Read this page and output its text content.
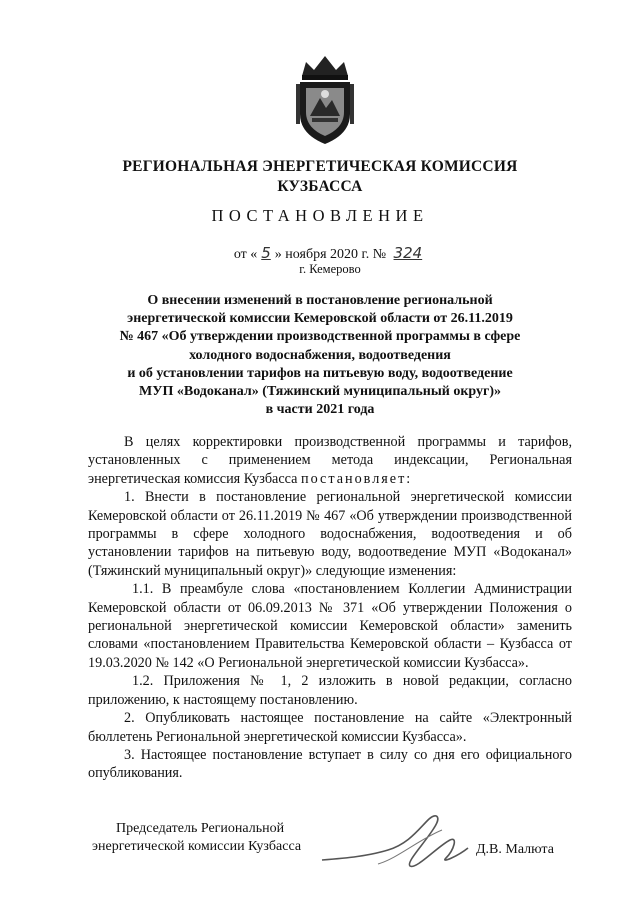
РЕГИОНАЛЬНАЯ ЭНЕРГЕТИЧЕСКАЯ КОМИССИЯ
КУЗБАССА
ПОСТАНОВЛЕНИЕ
от « 5 » ноября 2020 г. № 324
г. Кемерово
О внесении изменений в постановление региональной
энергетической комиссии Кемеровской области от 26.11.2019
№ 467 «Об утверждении производственной программы в сфере
холодного водоснабжения, водоотведения
и об установлении тарифов на питьевую воду, водоотведение
МУП «Водоканал» (Тяжинский муниципальный округ)»
в части 2021 года

В целях корректировки производственной программы и тарифов, установленных с применением метода индексации, Региональная энергетическая комиссия Кузбасса постановляет:

1. Внести в постановление региональной энергетической комиссии Кемеровской области от 26.11.2019 № 467 «Об утверждении производственной программы в сфере холодного водоснабжения, водоотведения и об установлении тарифов на питьевую воду, водоотведение МУП «Водоканал» (Тяжинский муниципальный округ)» следующие изменения:

1.1. В преамбуле слова «постановлением Коллегии Администрации Кемеровской области от 06.09.2013 № 371 «Об утверждении Положения о региональной энергетической комиссии Кемеровской области» заменить словами «постановлением Правительства Кемеровской области – Кузбасса от 19.03.2020 № 142 «О Региональной энергетической комиссии Кузбасса».

1.2. Приложения № 1, 2 изложить в новой редакции, согласно приложению, к настоящему постановлению.

2. Опубликовать настоящее постановление на сайте «Электронный бюллетень Региональной энергетической комиссии Кузбасса».

3. Настоящее постановление вступает в силу со дня его официального опубликования.

Председатель Региональной
энергетической комиссии Кузбасса	Д.В. Малюта
